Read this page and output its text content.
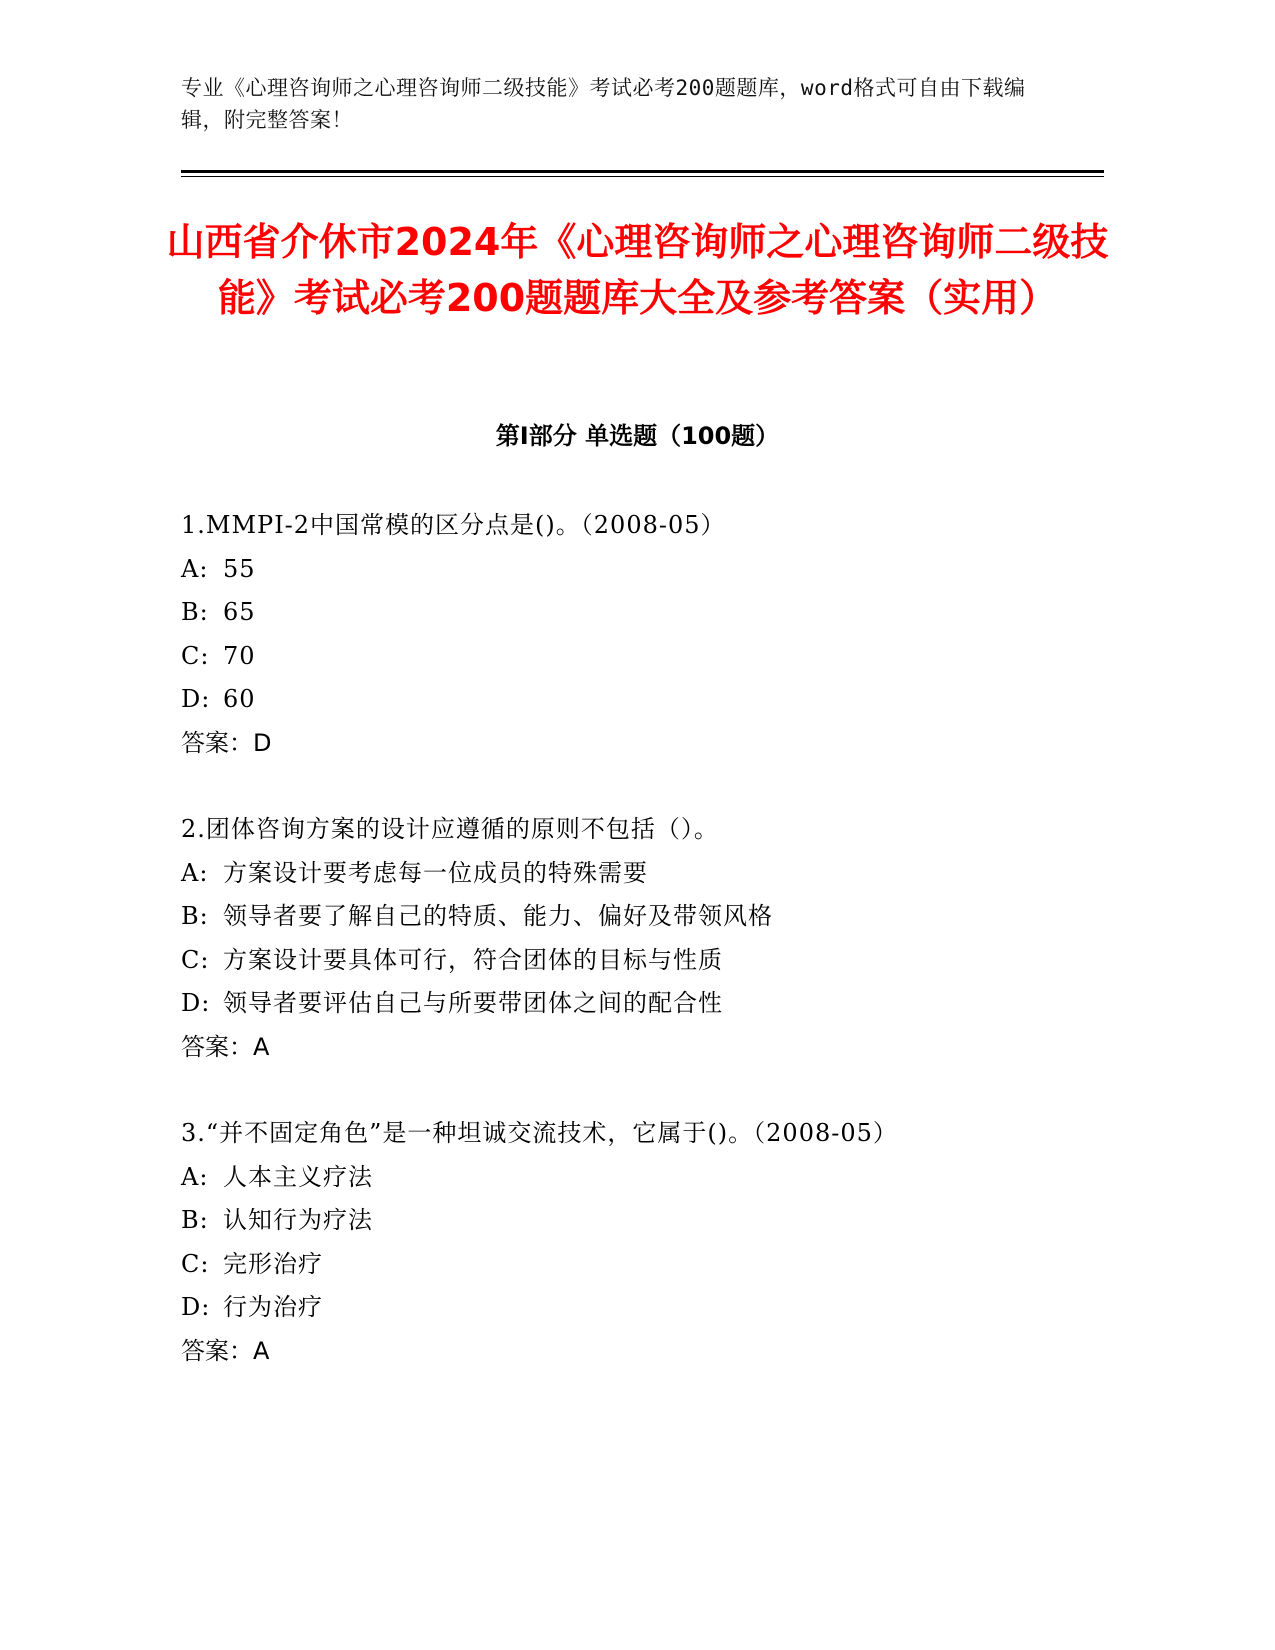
专业《心理咨询师之心理咨询师二级技能》考试必考200题题库，word格式可自由下载编辑，附完整答案！
山西省介休市2024年《心理咨询师之心理咨询师二级技能》考试必考200题题库大全及参考答案（实用）
第Ⅰ部分 单选题（100题）
1.MMPI-2中国常模的区分点是()。（2008-05）
A: 55
B: 65
C: 70
D: 60
答案：D
2.团体咨询方案的设计应遵循的原则不包括（）。
A: 方案设计要考虑每一位成员的特殊需要
B: 领导者要了解自己的特质、能力、偏好及带领风格
C: 方案设计要具体可行，符合团体的目标与性质
D: 领导者要评估自己与所要带团体之间的配合性
答案：A
3.“并不固定角色”是一种坦诚交流技术，它属于()。（2008-05）
A: 人本主义疗法
B: 认知行为疗法
C: 完形治疗
D: 行为治疗
答案：A
